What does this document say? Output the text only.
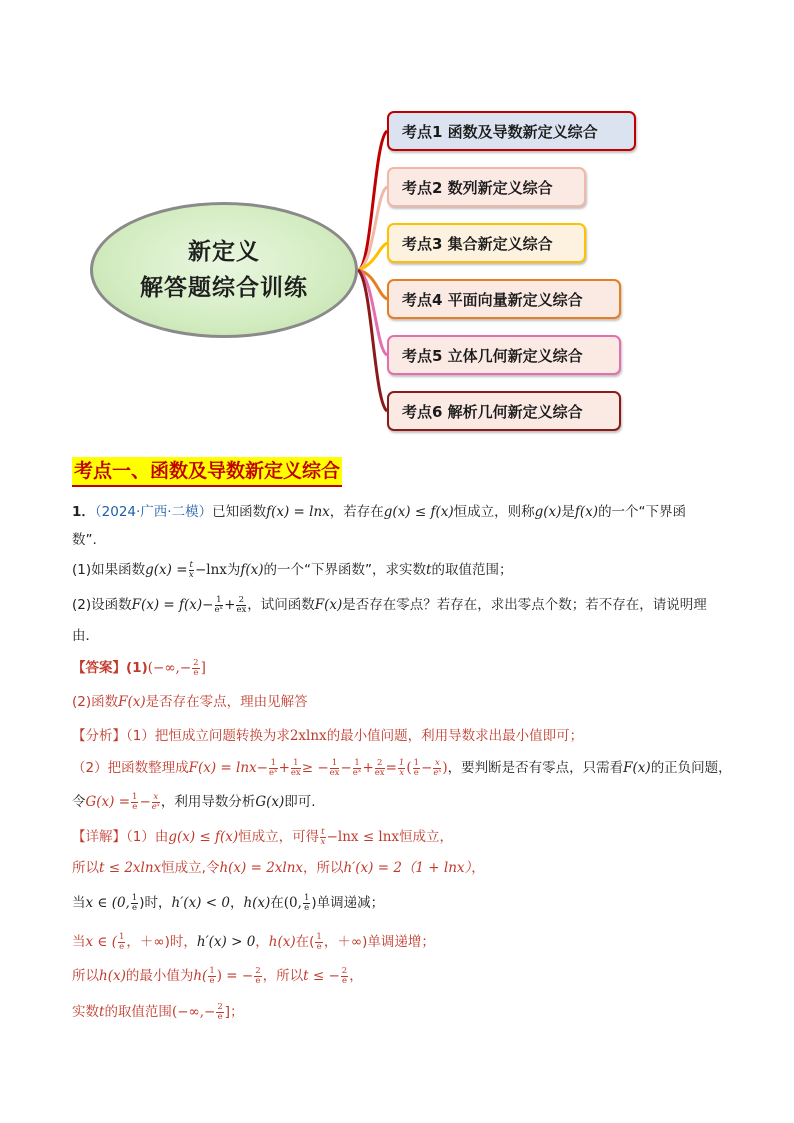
新定义
解答题综合训练
考点1 函数及导数新定义综合
考点2 数列新定义综合
考点3 集合新定义综合
考点4 平面向量新定义综合
考点5 立体几何新定义综合
考点6 解析几何新定义综合
考点一、函数及导数新定义综合
1．（2024·广西·二模）已知函数f(x) = lnx，若存在g(x) ≤ f(x)恒成立，则称g(x)是f(x)的一个“下界函
数”.
(1)如果函数$g(x) = \frac{t}{x} -\ln x$为f(x)的一个“下界函数”，求实数t的取值范围；
(2)设函数$F(x) = f(x)- \frac{1}{\text{eˣ}} + \frac{2}{ex}$ ，试问函数F(x)是否存在零点？若存在，求出零点个数；若不存在，请说明理
由．
【答案】$(1)(-\infty,- \frac{2}{e}$ ]
(2)函数F(x)是否存在零点，理由见解答
【分析】（1）把恒成立问题转换为求2xlnx的最小值问题，利用导数求出最小值即可；
（2）把函数整理成$F(x) = \ln x- \frac{1}{\text{eˣ}} + \frac{1}{ex}$ ≥ − $\frac{1}{ex} - \frac{1}{\text{eˣ}} + \frac{2}{ex} = \frac{1}{x}$ ( $\frac{1}{e} - \frac{x}{\text{eˣ}}$ )，要判断是否有零点，只需看F(x)的正负问题，
令$G(x) = \frac{1}{e} - \frac{x}{\text{eˣ}}$ ，利用导数分析G(x)即可.
【详解】（1）由g(x) ≤ f(x)恒成立，可得 $\frac{t}{x} -\ln x \le \ln x$恒成立，
所以t ≤ 2xlnx恒成立,令h(x) = 2xlnx，所以h′(x) = 2（1 + lnx），
当x ∈ (0, $\frac{1}{e}$ )时，h′(x) < 0，h(x)在(0, $\frac{1}{e}$ )单调递减；
当x ∈ ( $\frac{1}{e}$ ，＋∞)时，h′(x) > 0，h(x)在( $\frac{1}{e}$ ，＋∞)单调递增；
所以h(x)的最小值为$h( \frac{1}{e}$ ) = − $\frac{2}{e}$ ，所以t ≤ − $\frac{2}{e}$ ，
实数t的取值范围(−∞,− $\frac{2}{e}$ ]；
